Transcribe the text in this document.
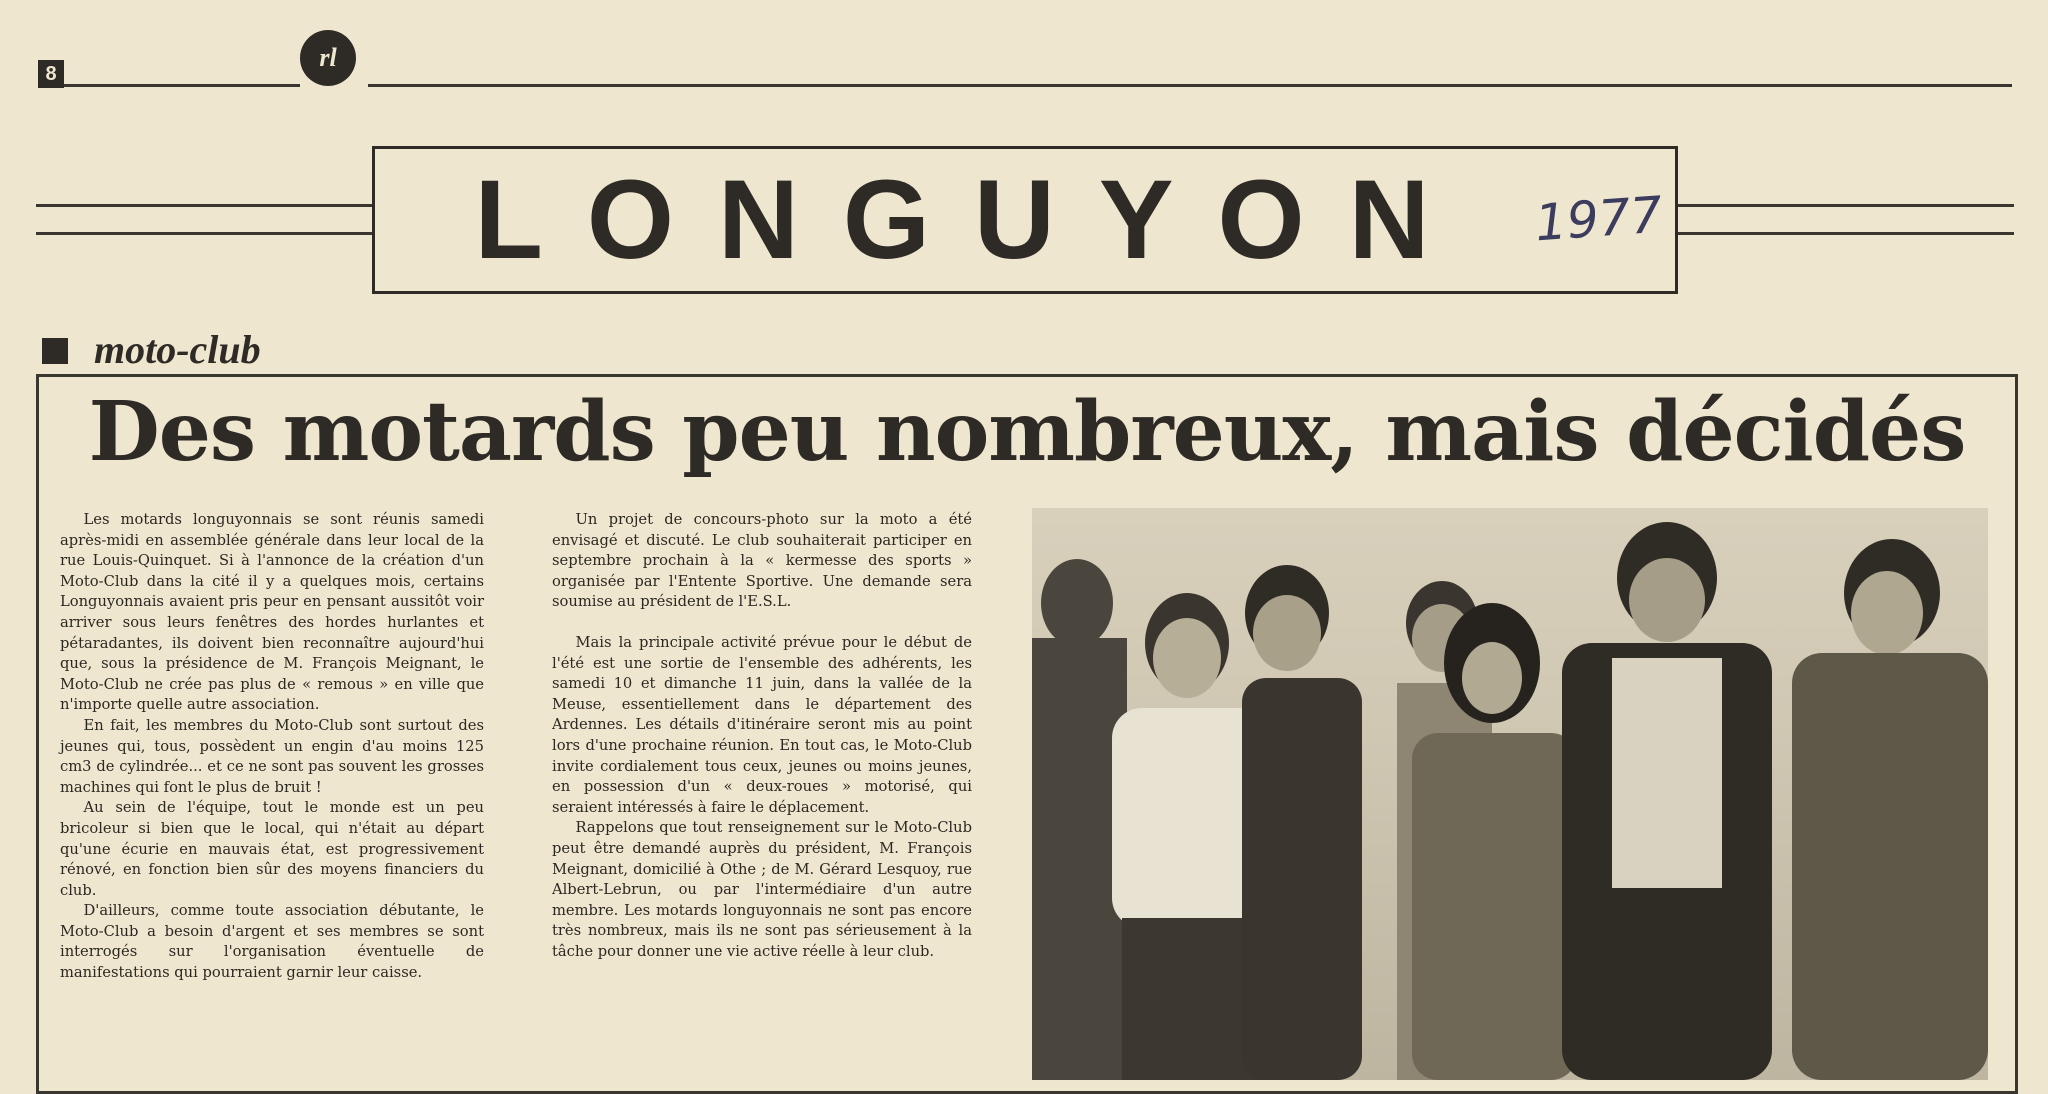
8
rl
LONGUYON	1977
moto-club
Des motards peu nombreux, mais décidés

Les motards longuyonnais se sont réunis samedi après-midi en assemblée générale dans leur local de la rue Louis-Quinquet. Si à l'annonce de la création d'un Moto-Club dans la cité il y a quelques mois, certains Longuyonnais avaient pris peur en pensant aussitôt voir arriver sous leurs fenêtres des hordes hurlantes et pétaradantes, ils doivent bien reconnaître aujourd'hui que, sous la présidence de M. François Meignant, le Moto-Club ne crée pas plus de « remous » en ville que n'importe quelle autre association.

En fait, les membres du Moto-Club sont surtout des jeunes qui, tous, possèdent un engin d'au moins 125 cm3 de cylindrée... et ce ne sont pas souvent les grosses machines qui font le plus de bruit !

Au sein de l'équipe, tout le monde est un peu bricoleur si bien que le local, qui n'était au départ qu'une écurie en mauvais état, est progressivement rénové, en fonction bien sûr des moyens financiers du club.

D'ailleurs, comme toute association débutante, le Moto-Club a besoin d'argent et ses membres se sont interrogés sur l'organisation éventuelle de manifestations qui pourraient garnir leur caisse.

Un projet de concours-photo sur la moto a été envisagé et discuté. Le club souhaiterait participer en septembre prochain à la « kermesse des sports » organisée par l'Entente Sportive. Une demande sera soumise au président de l'E.S.L.

Mais la principale activité prévue pour le début de l'été est une sortie de l'ensemble des adhérents, les samedi 10 et dimanche 11 juin, dans la vallée de la Meuse, essentiellement dans le département des Ardennes. Les détails d'itinéraire seront mis au point lors d'une prochaine réunion. En tout cas, le Moto-Club invite cordialement tous ceux, jeunes ou moins jeunes, en possession d'un « deux-roues » motorisé, qui seraient intéressés à faire le déplacement.

Rappelons que tout renseignement sur le Moto-Club peut être demandé auprès du président, M. François Meignant, domicilié à Othe ; de M. Gérard Lesquoy, rue Albert-Lebrun, ou par l'intermédiaire d'un autre membre. Les motards longuyonnais ne sont pas encore très nombreux, mais ils ne sont pas sérieusement à la tâche pour donner une vie active réelle à leur club.
